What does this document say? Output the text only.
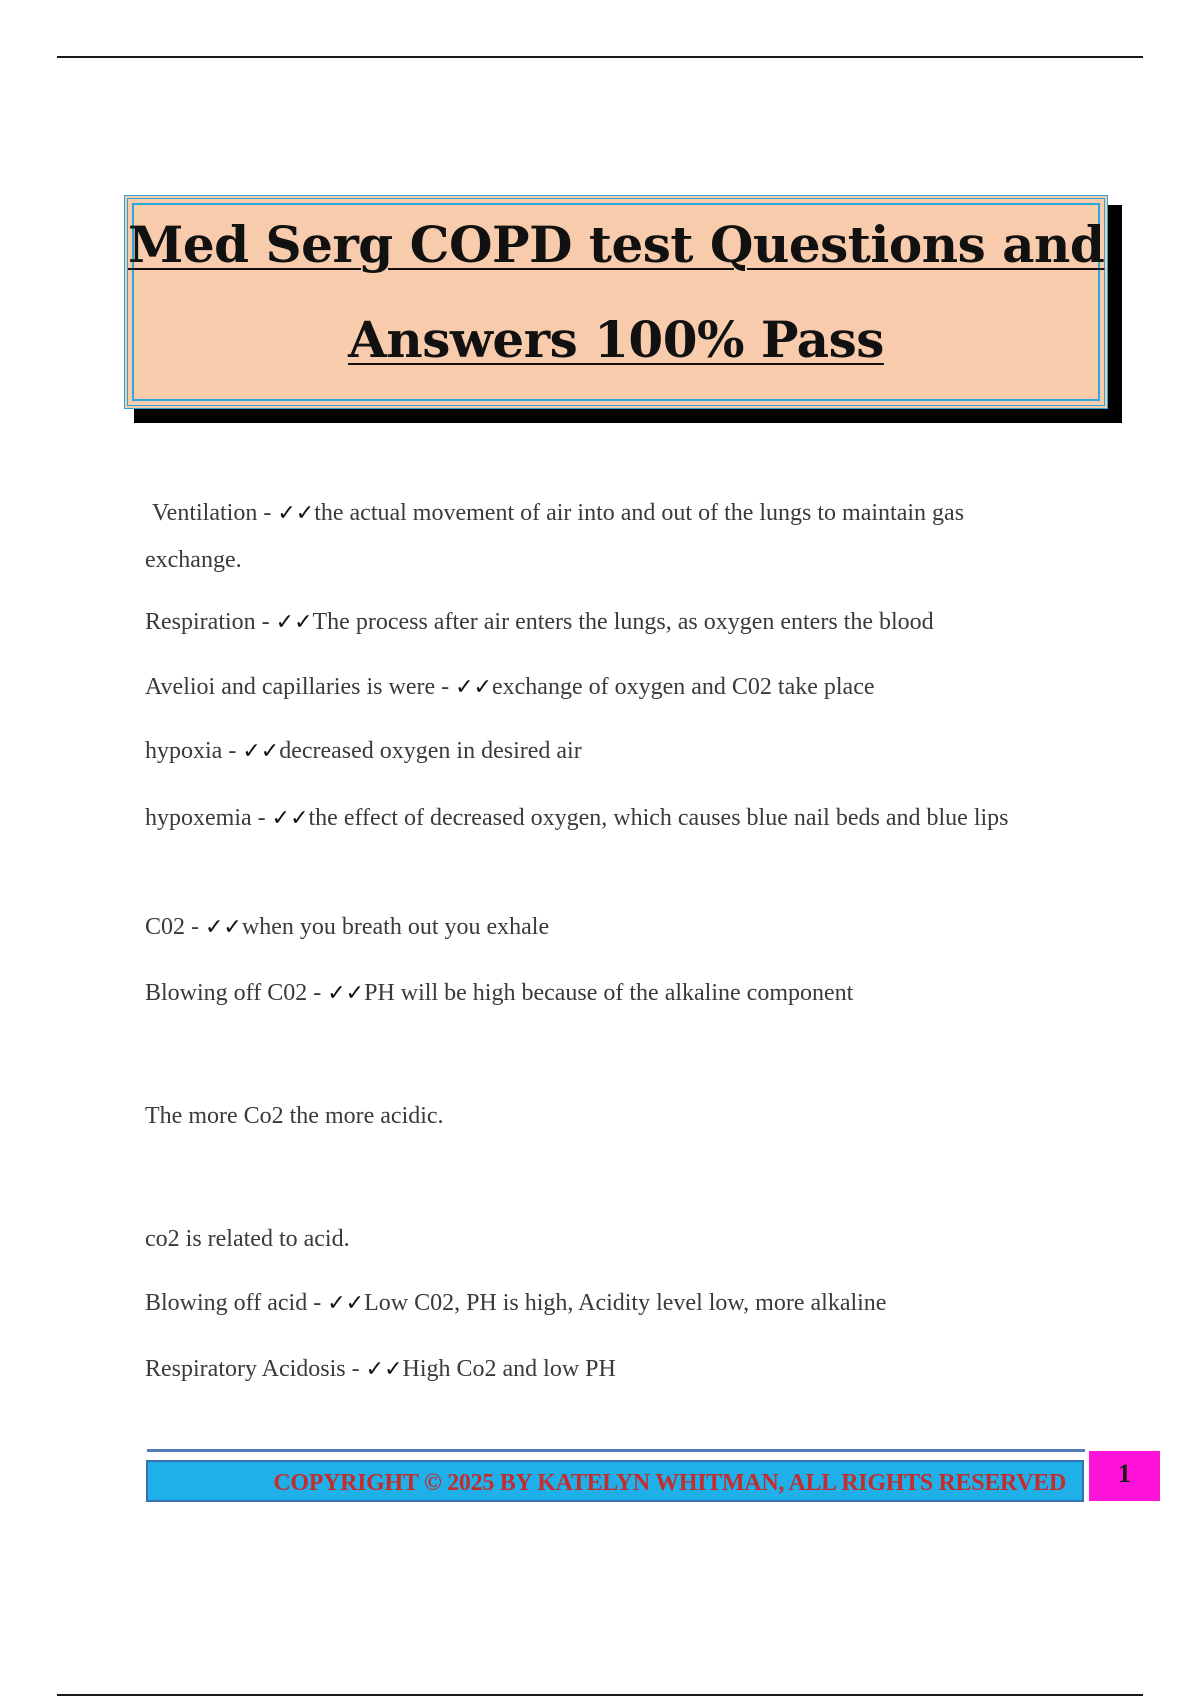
Med Serg COPD test Questions and
Answers 100% Pass
Ventilation - ✓✓the actual movement of air into and out of the lungs to maintain gas exchange.
Respiration - ✓✓The process after air enters the lungs, as oxygen enters the blood
Avelioi and capillaries is were - ✓✓exchange of oxygen and C02 take place
hypoxia - ✓✓decreased oxygen in desired air
hypoxemia - ✓✓the effect of decreased oxygen, which causes blue nail beds and blue lips
C02 - ✓✓when you breath out you exhale
Blowing off C02 - ✓✓PH will be high because of the alkaline component
The more Co2 the more acidic.
co2 is related to acid.
Blowing off acid - ✓✓Low C02, PH is high, Acidity level low, more alkaline
Respiratory Acidosis - ✓✓High Co2 and low PH
COPYRIGHT © 2025 BY KATELYN WHITMAN, ALL RIGHTS RESERVED	1
